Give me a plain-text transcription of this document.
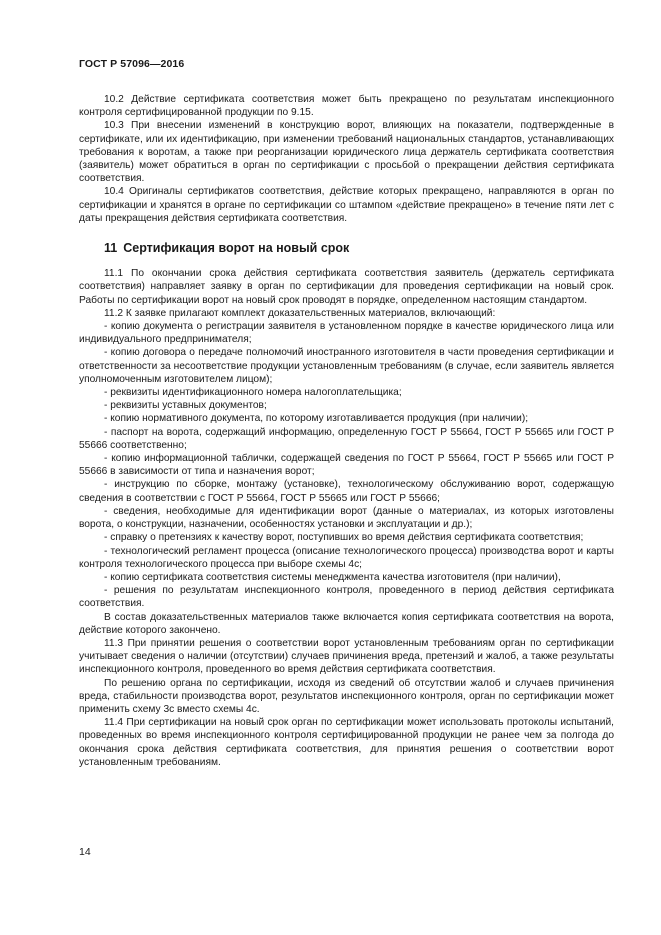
ГОСТ Р 57096—2016

10.2 Действие сертификата соответствия может быть прекращено по результатам инспекционного контроля сертифицированной продукции по 9.15.

10.3 При внесении изменений в конструкцию ворот, влияющих на показатели, подтвержденные в сертификате, или их идентификацию, при изменении требований национальных стандартов, устанавливающих требования к воротам, а также при реорганизации юридического лица держатель сертификата соответствия (заявитель) может обратиться в орган по сертификации с просьбой о прекращении действия сертификата соответствия.

10.4 Оригиналы сертификатов соответствия, действие которых прекращено, направляются в орган по сертификации и хранятся в органе по сертификации со штампом «действие прекращено» в течение пяти лет с даты прекращения действия сертификата соответствия.

11 Сертификация ворот на новый срок

11.1 По окончании срока действия сертификата соответствия заявитель (держатель сертификата соответствия) направляет заявку в орган по сертификации для проведения сертификации на новый срок. Работы по сертификации ворот на новый срок проводят в порядке, определенном настоящим стандартом.

11.2 К заявке прилагают комплект доказательственных материалов, включающий:

- копию документа о регистрации заявителя в установленном порядке в качестве юридического лица или индивидуального предпринимателя;

- копию договора о передаче полномочий иностранного изготовителя в части проведения сертификации и ответственности за несоответствие продукции установленным требованиям (в случае, если заявитель является уполномоченным изготовителем лицом);

- реквизиты идентификационного номера налогоплательщика;

- реквизиты уставных документов;

- копию нормативного документа, по которому изготавливается продукция (при наличии);

- паспорт на ворота, содержащий информацию, определенную ГОСТ Р 55664, ГОСТ Р 55665 или ГОСТ Р 55666 соответственно;

- копию информационной таблички, содержащей сведения по ГОСТ Р 55664, ГОСТ Р 55665 или ГОСТ Р 55666 в зависимости от типа и назначения ворот;

- инструкцию по сборке, монтажу (установке), технологическому обслуживанию ворот, содержащую сведения в соответствии с ГОСТ Р 55664, ГОСТ Р 55665 или ГОСТ Р 55666;

- сведения, необходимые для идентификации ворот (данные о материалах, из которых изготовлены ворота, о конструкции, назначении, особенностях установки и эксплуатации и др.);

- справку о претензиях к качеству ворот, поступивших во время действия сертификата соответствия;

- технологический регламент процесса (описание технологического процесса) производства ворот и карты контроля технологического процесса при выборе схемы 4с;

- копию сертификата соответствия системы менеджмента качества изготовителя (при наличии),

- решения по результатам инспекционного контроля, проведенного в период действия сертификата соответствия.

В состав доказательственных материалов также включается копия сертификата соответствия на ворота, действие которого закончено.

11.3 При принятии решения о соответствии ворот установленным требованиям орган по сертификации учитывает сведения о наличии (отсутствии) случаев причинения вреда, претензий и жалоб, а также результаты инспекционного контроля, проведенного во время действия сертификата соответствия.

По решению органа по сертификации, исходя из сведений об отсутствии жалоб и случаев причинения вреда, стабильности производства ворот, результатов инспекционного контроля, орган по сертификации может применить схему 3с вместо схемы 4с.

11.4 При сертификации на новый срок орган по сертификации может использовать протоколы испытаний, проведенных во время инспекционного контроля сертифицированной продукции не ранее чем за полгода до окончания срока действия сертификата соответствия, для принятия решения о соответствии ворот установленным требованиям.

14
